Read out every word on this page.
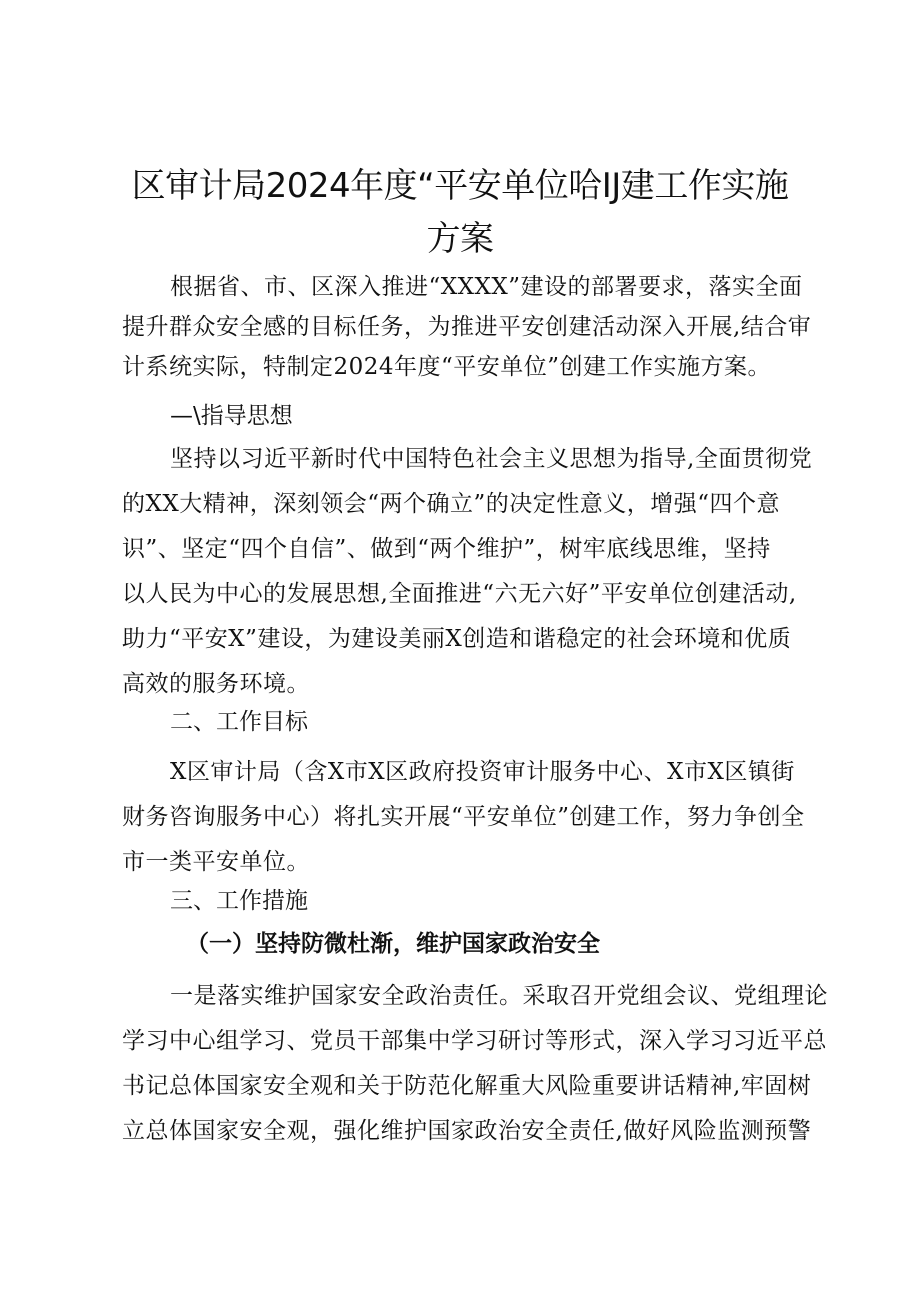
区审计局2024年度“平安单位哈IJ建工作实施
方案
根据省、市、区深入推进“XXXX”建设的部署要求，落实全面
提升群众安全感的目标任务，为推进平安创建活动深入开展,结合审
计系统实际，特制定2024年度“平安单位”创建工作实施方案。
—\指导思想
坚持以习近平新时代中国特色社会主义思想为指导,全面贯彻党
的XX大精神，深刻领会“两个确立”的决定性意义，增强“四个意
识”、坚定“四个自信”、做到“两个维护”，树牢底线思维，坚持
以人民为中心的发展思想,全面推进“六无六好”平安单位创建活动,
助力“平安X”建设，为建设美丽X创造和谐稳定的社会环境和优质
高效的服务环境。
二、工作目标
X区审计局（含X市X区政府投资审计服务中心、X市X区镇街
财务咨询服务中心）将扎实开展“平安单位”创建工作，努力争创全
市一类平安单位。
三、工作措施
（一）坚持防微杜渐，维护国家政治安全
一是落实维护国家安全政治责任。采取召开党组会议、党组理论
学习中心组学习、党员干部集中学习研讨等形式，深入学习习近平总
书记总体国家安全观和关于防范化解重大风险重要讲话精神,牢固树
立总体国家安全观，强化维护国家政治安全责任,做好风险监测预警
